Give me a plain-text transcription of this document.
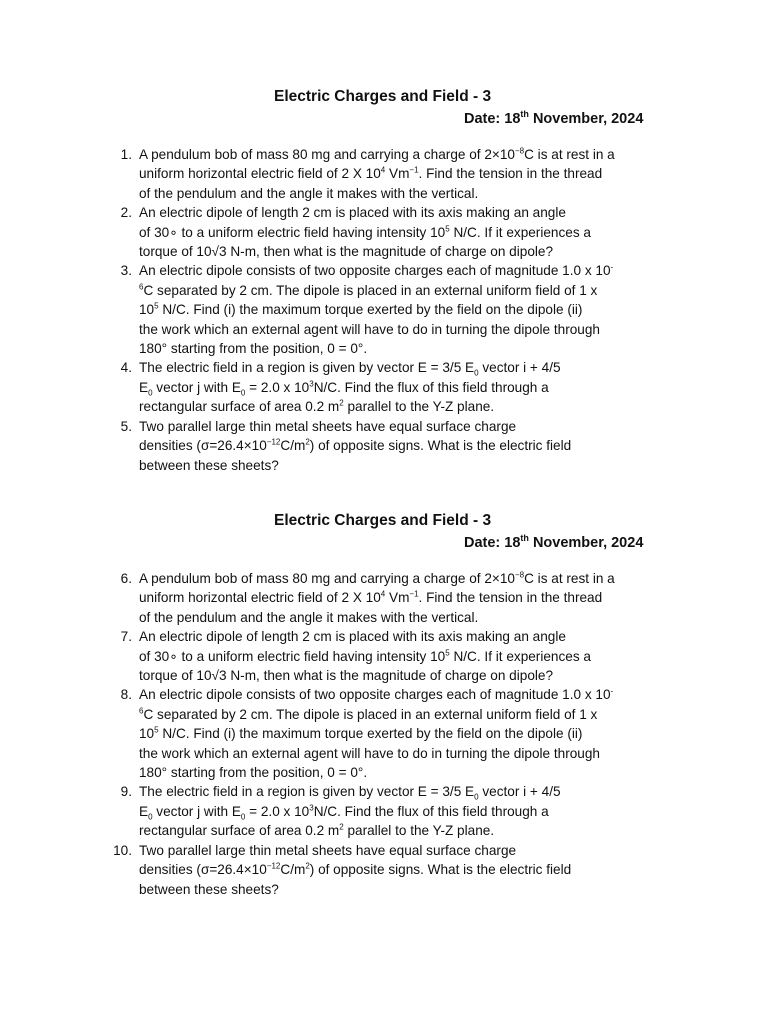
Electric Charges and Field - 3
Date: 18th November, 2024
1. A pendulum bob of mass 80 mg and carrying a charge of $2\times 10^{-8}C$ is at rest in a
uniform horizontal electric field of 2 X $10^4$ $Vm^{-1}$. Find the tension in the thread
of the pendulum and the angle it makes with the vertical.
2. An electric dipole of length 2 cm is placed with its axis making an angle
of 30∘ to a uniform electric field having intensity $10^5$ N/C. If it experiences a
torque of 10√3 N-m, then what is the magnitude of charge on dipole?
3. An electric dipole consists of two opposite charges each of magnitude 1.0 x 10-
$^6$C separated by 2 cm. The dipole is placed in an external uniform field of 1 x
$10^5$ N/C. Find (i) the maximum torque exerted by the field on the dipole (ii)
the work which an external agent will have to do in turning the dipole through
180° starting from the position, 0 = 0°.
4. The electric field in a region is given by vector E = 3/5 $E_0$ vector i + 4/5
$E_0$ vector j with $E_0 = 2.0$ x $10^3N/C$. Find the flux of this field through a
rectangular surface of area 0.2 $m^2$ parallel to the Y-Z plane.
5. Two parallel large thin metal sheets have equal surface charge
densities $(\sigma=26.4\times 10^{-12}C/m^2)$ of opposite signs. What is the electric field
between these sheets?
Electric Charges and Field - 3
Date: 18th November, 2024
6. A pendulum bob of mass 80 mg and carrying a charge of $2\times 10^{-8}C$ is at rest in a
uniform horizontal electric field of 2 X $10^4$ $Vm^{-1}$. Find the tension in the thread
of the pendulum and the angle it makes with the vertical.
7. An electric dipole of length 2 cm is placed with its axis making an angle
of 30∘ to a uniform electric field having intensity $10^5$ N/C. If it experiences a
torque of 10√3 N-m, then what is the magnitude of charge on dipole?
8. An electric dipole consists of two opposite charges each of magnitude 1.0 x 10-
$^6$C separated by 2 cm. The dipole is placed in an external uniform field of 1 x
$10^5$ N/C. Find (i) the maximum torque exerted by the field on the dipole (ii)
the work which an external agent will have to do in turning the dipole through
180° starting from the position, 0 = 0°.
9. The electric field in a region is given by vector E = 3/5 $E_0$ vector i + 4/5
$E_0$ vector j with $E_0 = 2.0$ x $10^3N/C$. Find the flux of this field through a
rectangular surface of area 0.2 $m^2$ parallel to the Y-Z plane.
10. Two parallel large thin metal sheets have equal surface charge
densities $(\sigma=26.4\times 10^{-12}C/m^2)$ of opposite signs. What is the electric field
between these sheets?
